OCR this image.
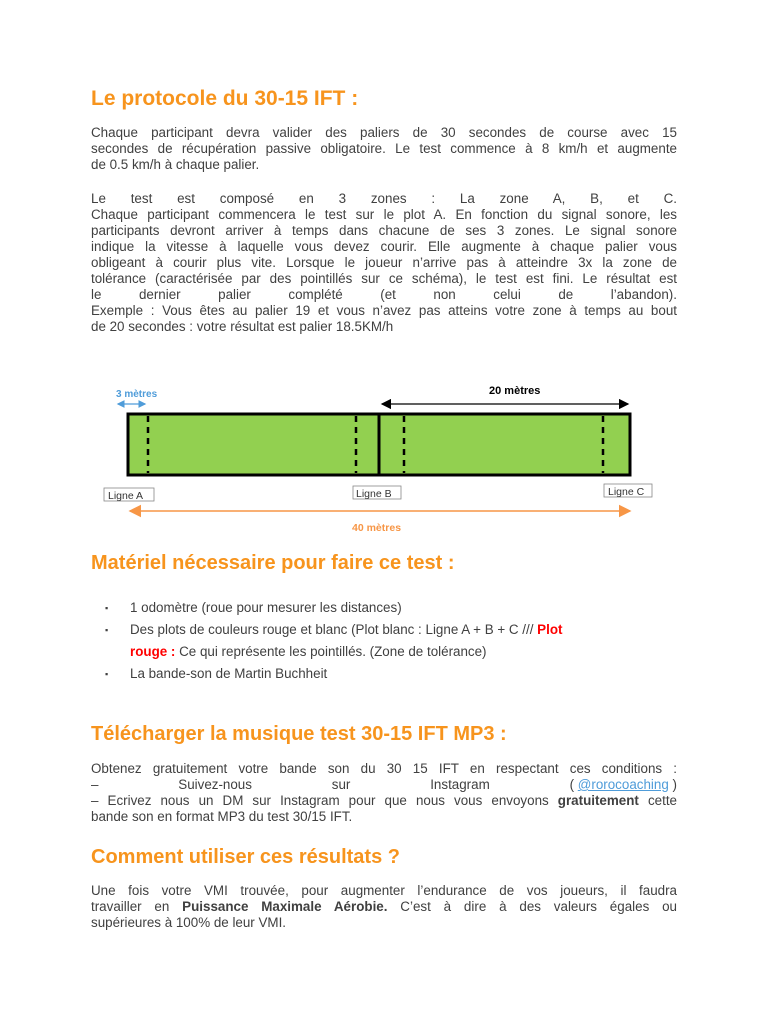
Le protocole du 30-15 IFT :

Chaque participant devra valider des paliers de 30 secondes de course avec 15
secondes de récupération passive obligatoire. Le test commence à 8 km/h et augmente
de 0.5 km/h à chaque palier.

Le test est composé en 3 zones : La zone A, B, et C.
Chaque participant commencera le test sur le plot A. En fonction du signal sonore, les
participants devront arriver à temps dans chacune de ses 3 zones. Le signal sonore
indique la vitesse à laquelle vous devez courir. Elle augmente à chaque palier vous
obligeant à courir plus vite. Lorsque le joueur n’arrive pas à atteindre 3x la zone de
tolérance (caractérisée par des pointillés sur ce schéma), le test est fini. Le résultat est
le dernier palier complété (et non celui de l’abandon).
Exemple : Vous êtes au palier 19 et vous n’avez pas atteins votre zone à temps au bout
de 20 secondes : votre résultat est palier 18.5KM/h

Matériel nécessaire pour faire ce test :
▪ 1 odomètre (roue pour mesurer les distances)
▪ Des plots de couleurs rouge et blanc (Plot blanc : Ligne A + B + C /// Plot
rouge : Ce qui représente les pointillés. (Zone de tolérance)
▪ La bande-son de Martin Buchheit
Télécharger la musique test 30-15 IFT MP3 :
Obtenez gratuitement votre bande son du 30 15 IFT en respectant ces conditions :
–	Suivez-nous	sur	Instagram	( @rorocoaching )
– Ecrivez nous un DM sur Instagram pour que nous vous envoyons gratuitement cette
bande son en format MP3 du test 30/15 IFT.
Comment utiliser ces résultats ?
Une fois votre VMI trouvée, pour augmenter l’endurance de vos joueurs, il faudra
travailler en Puissance Maximale Aérobie. C’est à dire à des valeurs égales ou
supérieures à 100% de leur VMI.
3 mètres	20 mètres
Ligne A	Ligne B	Ligne C
40 mètres
